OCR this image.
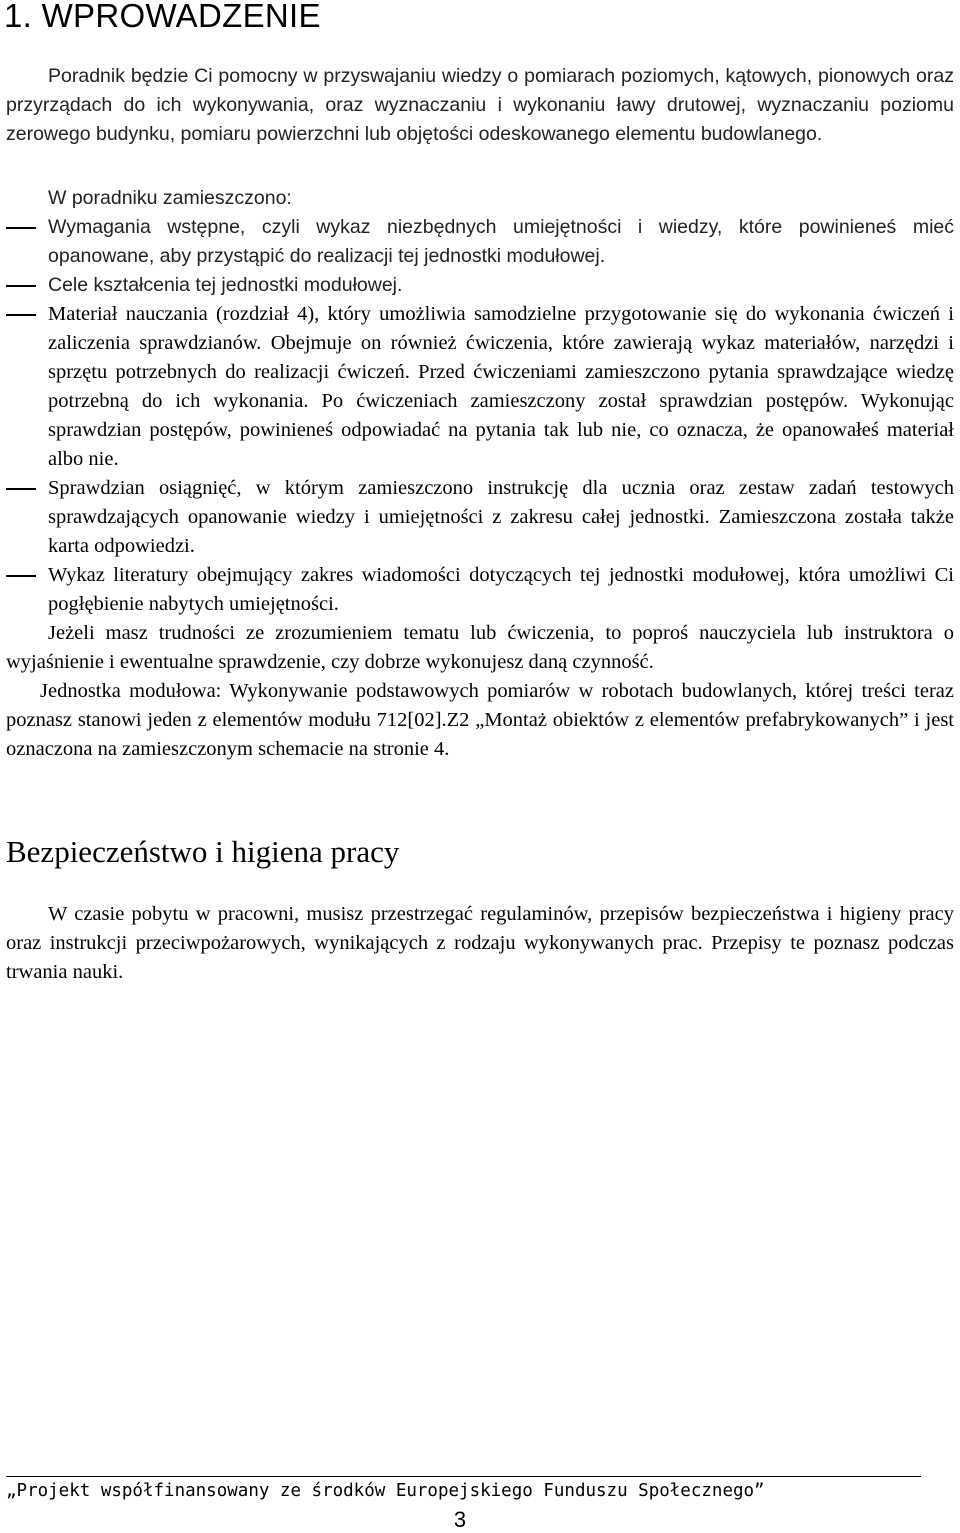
1. WPROWADZENIE

Poradnik będzie Ci pomocny w przyswajaniu wiedzy o pomiarach poziomych, kątowych, pionowych oraz przyrządach do ich wykonywania, oraz wyznaczaniu i wykonaniu ławy drutowej, wyznaczaniu poziomu zerowego budynku, pomiaru powierzchni lub objętości odeskowanego elementu budowlanego.

W poradniku zamieszczono:

Wymagania wstępne, czyli wykaz niezbędnych umiejętności i wiedzy, które powinieneś mieć opanowane, aby przystąpić do realizacji tej jednostki modułowej.
Cele kształcenia tej jednostki modułowej.
Materiał nauczania (rozdział 4), który umożliwia samodzielne przygotowanie się do wykonania ćwiczeń i zaliczenia sprawdzianów. Obejmuje on również ćwiczenia, które zawierają wykaz materiałów, narzędzi i sprzętu potrzebnych do realizacji ćwiczeń. Przed ćwiczeniami zamieszczono pytania sprawdzające wiedzę potrzebną do ich wykonania. Po ćwiczeniach zamieszczony został sprawdzian postępów. Wykonując sprawdzian postępów, powinieneś odpowiadać na pytania tak lub nie, co oznacza, że opanowałeś materiał albo nie.
Sprawdzian osiągnięć, w którym zamieszczono instrukcję dla ucznia oraz zestaw zadań testowych sprawdzających opanowanie wiedzy i umiejętności z zakresu całej jednostki. Zamieszczona została także karta odpowiedzi.
Wykaz literatury obejmujący zakres wiadomości dotyczących tej jednostki modułowej, która umożliwi Ci pogłębienie nabytych umiejętności.

Jeżeli masz trudności ze zrozumieniem tematu lub ćwiczenia, to poproś nauczyciela lub instruktora o wyjaśnienie i ewentualne sprawdzenie, czy dobrze wykonujesz daną czynność.

Jednostka modułowa: Wykonywanie podstawowych pomiarów w robotach budowlanych, której treści teraz poznasz stanowi jeden z elementów modułu 712[02].Z2 „Montaż obiektów z elementów prefabrykowanych” i jest oznaczona na zamieszczonym schemacie na stronie 4.

Bezpieczeństwo i higiena pracy

W czasie pobytu w pracowni, musisz przestrzegać regulaminów, przepisów bezpieczeństwa i higieny pracy oraz instrukcji przeciwpożarowych, wynikających z rodzaju wykonywanych prac. Przepisy te poznasz podczas trwania nauki.

„Projekt współfinansowany ze środków Europejskiego Funduszu Społecznego”
3
